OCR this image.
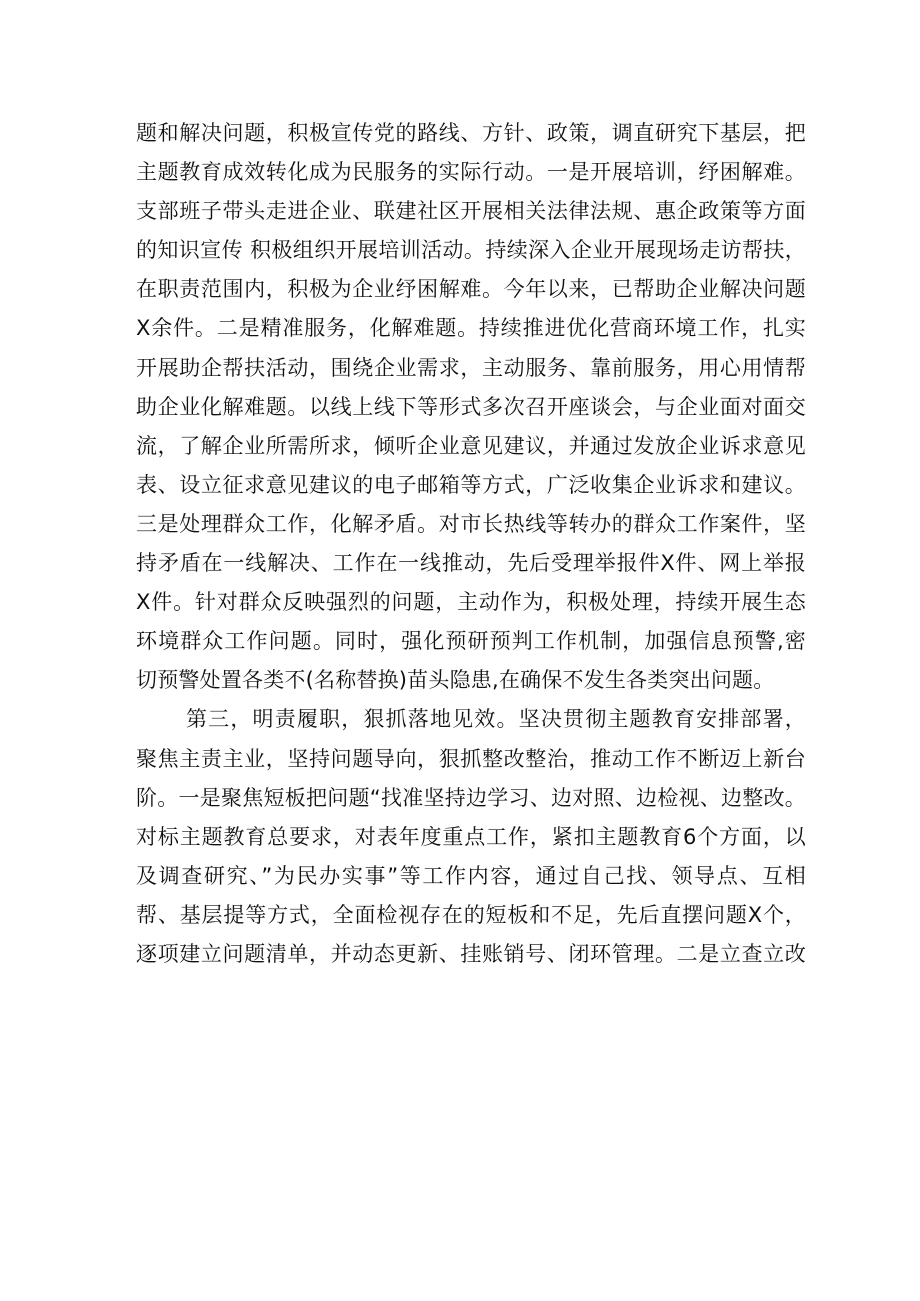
题和解决问题，积极宣传党的路线、方针、政策，调直研究下基层，把
主题教育成效转化成为民服务的实际行动。一是开展培训，纾困解难。
支部班子带头走进企业、联建社区开展相关法律法规、惠企政策等方面
的知识宣传 积极组织开展培训活动。持续深入企业开展现场走访帮扶，
在职责范围内，积极为企业纾困解难。今年以来，已帮助企业解决问题
X余件。二是精准服务，化解难题。持续推进优化营商环境工作，扎实
开展助企帮扶活动，围绕企业需求，主动服务、靠前服务，用心用情帮
助企业化解难题。以线上线下等形式多次召开座谈会，与企业面对面交
流，了解企业所需所求，倾听企业意见建议，并通过发放企业诉求意见
表、设立征求意见建议的电子邮箱等方式，广泛收集企业诉求和建议。
三是处理群众工作，化解矛盾。对市长热线等转办的群众工作案件，坚
持矛盾在一线解决、工作在一线推动，先后受理举报件X件、网上举报
X件。针对群众反映强烈的问题，主动作为，积极处理，持续开展生态
环境群众工作问题。同时，强化预研预判工作机制，加强信息预警,密
切预警处置各类不(名称替换)苗头隐患,在确保不发生各类突出问题。
第三，明责履职，狠抓落地见效。坚决贯彻主题教育安排部署，
聚焦主责主业，坚持问题导向，狠抓整改整治，推动工作不断迈上新台
阶。一是聚焦短板把问题“找准坚持边学习、边对照、边检视、边整改。
对标主题教育总要求，对表年度重点工作，紧扣主题教育6个方面，以
及调查研究、”为民办实事”等工作内容，通过自己找、领导点、互相
帮、基层提等方式，全面检视存在的短板和不足，先后直摆问题X个，
逐项建立问题清单，并动态更新、挂账销号、闭环管理。二是立查立改
